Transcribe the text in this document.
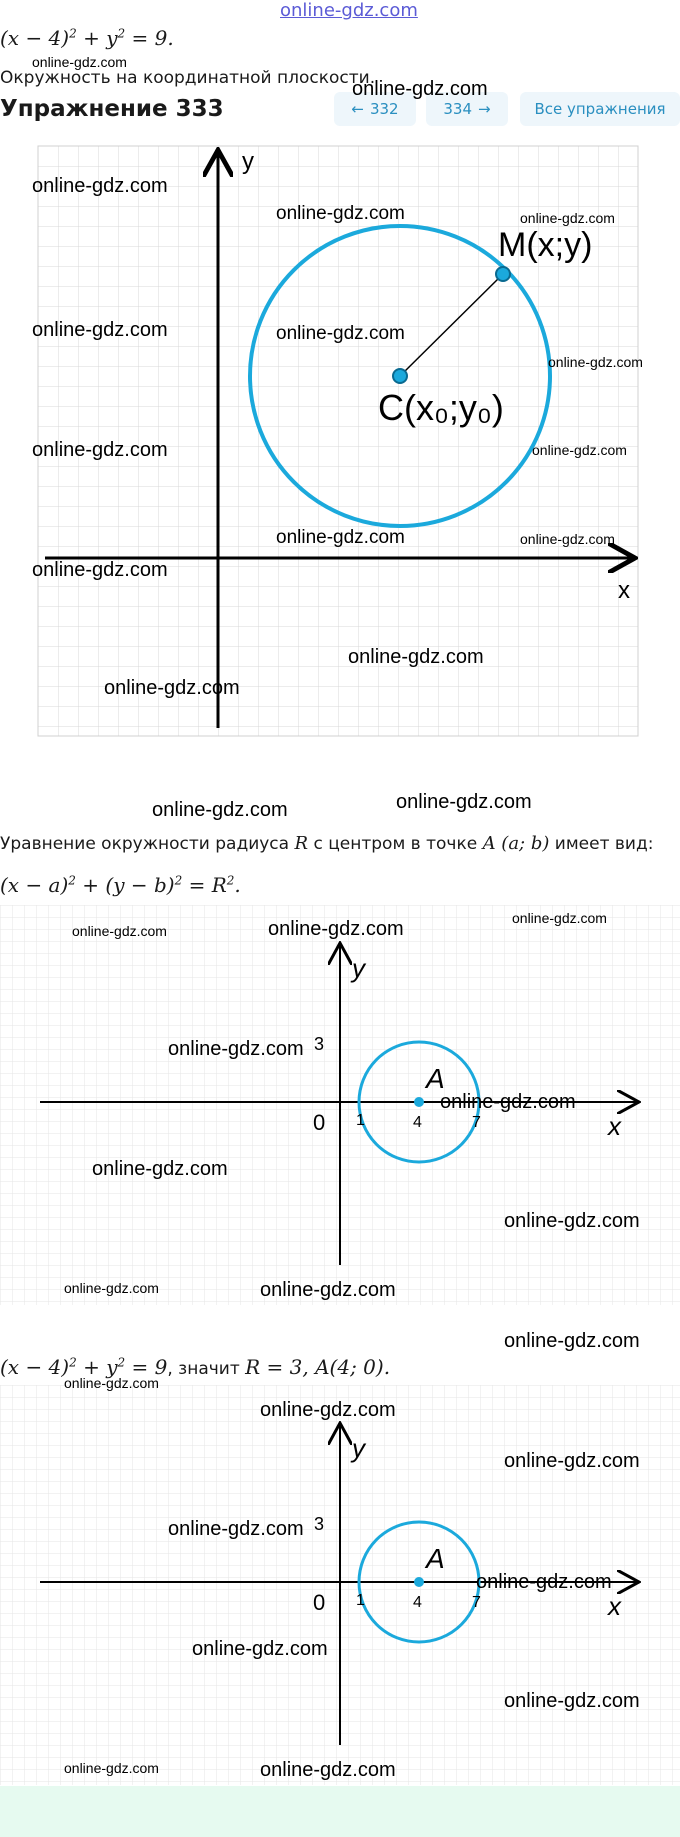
online-gdz.com
$(x - 4)^2 + y^2 = 9$.
Окружность на координатной плоскости.
Упражнение 333	← 332	334 →	Все упражнения
y
x
C(x₀;y₀)
M(x;y)
Уравнение окружности радиуса R с центром в точке A (a; b) имеет вид:
$(x - a)^2 + (y - b)^2 = R^2$.
y
x
0 1	4	7
3
A
$(x - 4)^2 + y^2 = 9$, значит R = 3, A(4; 0).
y
x
0 1	4	7
3
A
online-gdz.com
online-gdz.com
online-gdz.com
online-gdz.com	online-gdz.com
online-gdz.com	online-gdz.com
online-gdz.com
online-gdz.com	online-gdz.com
online-gdz.com	online-gdz.com
online-gdz.com
online-gdz.com
online-gdz.com
online-gdz.com
online-gdz.com
online-gdz.com
online-gdz.com	online-gdz.com
online-gdz.com
online-gdz.com
online-gdz.com
online-gdz.com
online-gdz.com	online-gdz.com
online-gdz.com
online-gdz.com
online-gdz.com
online-gdz.com
online-gdz.com
online-gdz.com
online-gdz.com
online-gdz.com
online-gdz.com	online-gdz.com
